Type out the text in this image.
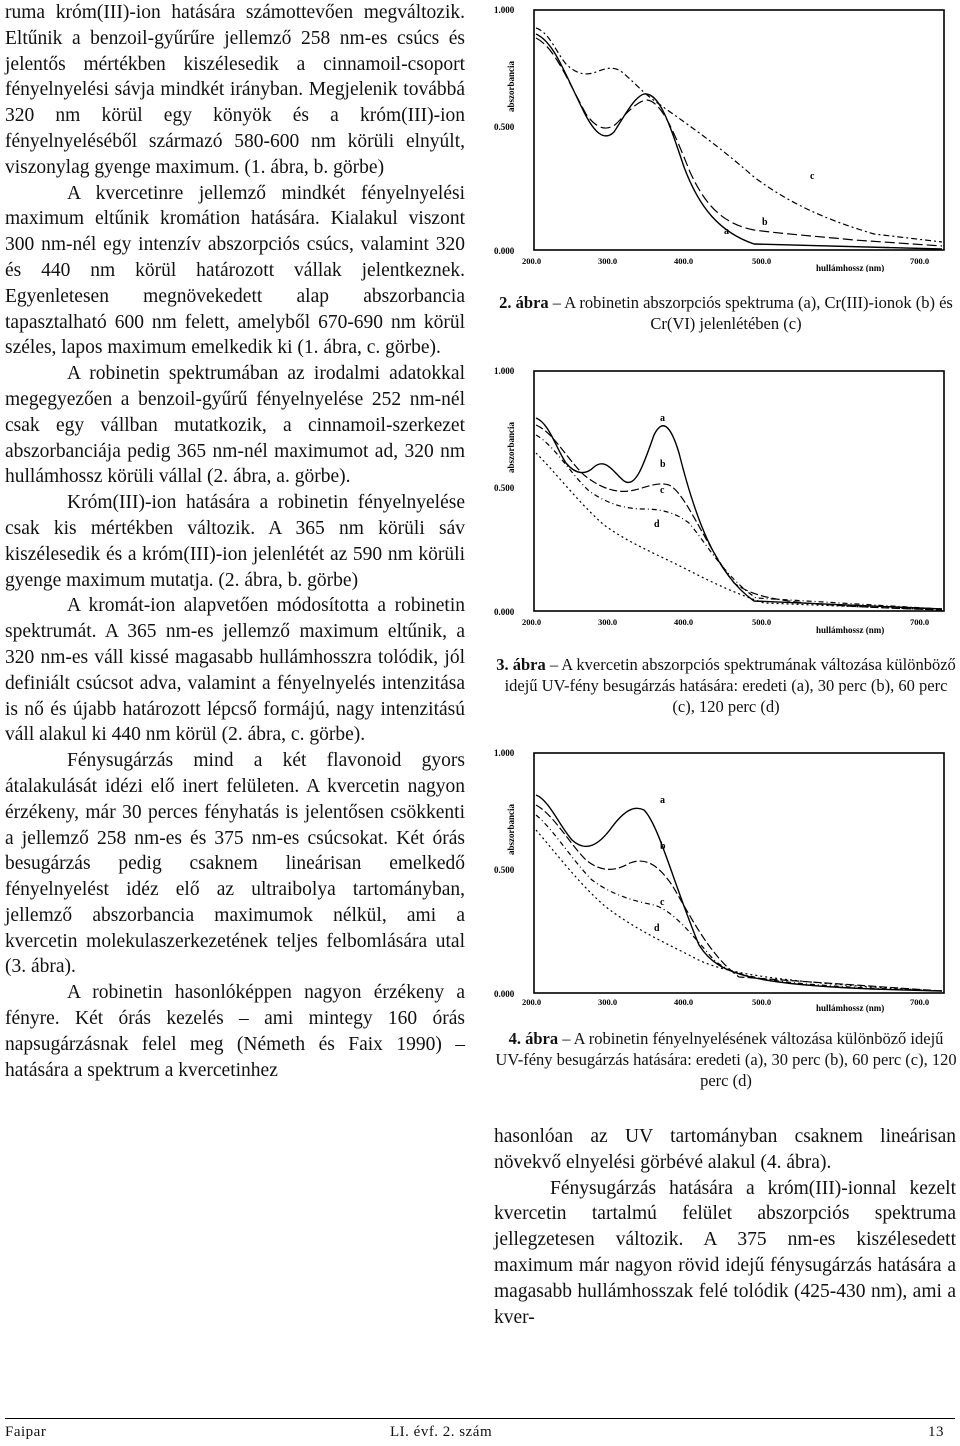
ruma króm(III)-ion hatására számottevően megváltozik. Eltűnik a benzoil-gyűrűre jellemző 258 nm-es csúcs és jelentős mértékben kiszélesedik a cinnamoil-csoport fényelnyelési sávja mindkét irányban. Megjelenik továbbá 320 nm körül egy könyök és a króm(III)-ion fényelnyeléséből származó 580-600 nm körüli elnyúlt, viszonylag gyenge maximum. (1. ábra, b. görbe)

A kvercetinre jellemző mindkét fényelnyelési maximum eltűnik kromátion hatására. Kialakul viszont 300 nm-nél egy intenzív abszorpciós csúcs, valamint 320 és 440 nm körül határozott vállak jelentkeznek. Egyenletesen megnövekedett alap abszorbancia tapasztalható 600 nm felett, amelyből 670-690 nm körül széles, lapos maximum emelkedik ki (1. ábra, c. görbe).

A robinetin spektrumában az irodalmi adatokkal megegyezően a benzoil-gyűrű fényelnyelése 252 nm-nél csak egy vállban mutatkozik, a cinnamoil-szerkezet abszorbanciája pedig 365 nm-nél maximumot ad, 320 nm hullámhossz körüli vállal (2. ábra, a. görbe).

Króm(III)-ion hatására a robinetin fényelnyelése csak kis mértékben változik. A 365 nm körüli sáv kiszélesedik és a króm(III)-ion jelenlétét az 590 nm körüli gyenge maximum mutatja. (2. ábra, b. görbe)

A kromát-ion alapvetően módosította a robinetin spektrumát. A 365 nm-es jellemző maximum eltűnik, a 320 nm-es váll kissé magasabb hullámhosszra tolódik, jól definiált csúcsot adva, valamint a fényelnyelés intenzitása is nő és újabb határozott lépcső formájú, nagy intenzitású váll alakul ki 440 nm körül (2. ábra, c. görbe).

Fénysugárzás mind a két flavonoid gyors átalakulását idézi elő inert felületen. A kvercetin nagyon érzékeny, már 30 perces fényhatás is jelentősen csökkenti a jellemző 258 nm-es és 375 nm-es csúcsokat. Két órás besugárzás pedig csaknem lineárisan emelkedő fényelnyelést idéz elő az ultraibolya tartományban, jellemző abszorbancia maximumok nélkül, ami a kvercetin molekulaszerkezetének teljes felbomlására utal (3. ábra).

A robinetin hasonlóképpen nagyon érzékeny a fényre. Két órás kezelés – ami mintegy 160 órás napsugárzásnak felel meg (Németh és Faix 1990) – hatására a spektrum a kvercetinhez

1.000
0.500
0.000
abszorbancia
200.0	300.0	400.0	500.0	700.0
hullámhossz (nm)
a
b
c
2. ábra – A robinetin abszorpciós spektruma (a), Cr(III)-ionok (b) és Cr(VI) jelenlétében (c)
1.000
0.500
0.000
abszorbancia
200.0	300.0	400.0	500.0	700.0
hullámhossz (nm)
a
b
c
d
3. ábra – A kvercetin abszorpciós spektrumának változása különböző idejű UV-fény besugárzás hatására: eredeti (a), 30 perc (b), 60 perc (c), 120 perc (d)
1.000
0.500
0.000
abszorbancia
200.0	300.0	400.0	500.0	700.0
hullámhossz (nm)
a
b
c
d
4. ábra – A robinetin fényelnyelésének változása különböző idejű UV-fény besugárzás hatására: eredeti (a), 30 perc (b), 60 perc (c), 120 perc (d)

hasonlóan az UV tartományban csaknem lineárisan növekvő elnyelési görbévé alakul (4. ábra).

Fénysugárzás hatására a króm(III)-ionnal kezelt kvercetin tartalmú felület abszorpciós spektruma jellegzetesen változik. A 375 nm-es kiszélesedett maximum már nagyon rövid idejű fénysugárzás hatására a magasabb hullámhosszak felé tolódik (425-430 nm), ami a kver-

Faipar	LI. évf. 2. szám	13
